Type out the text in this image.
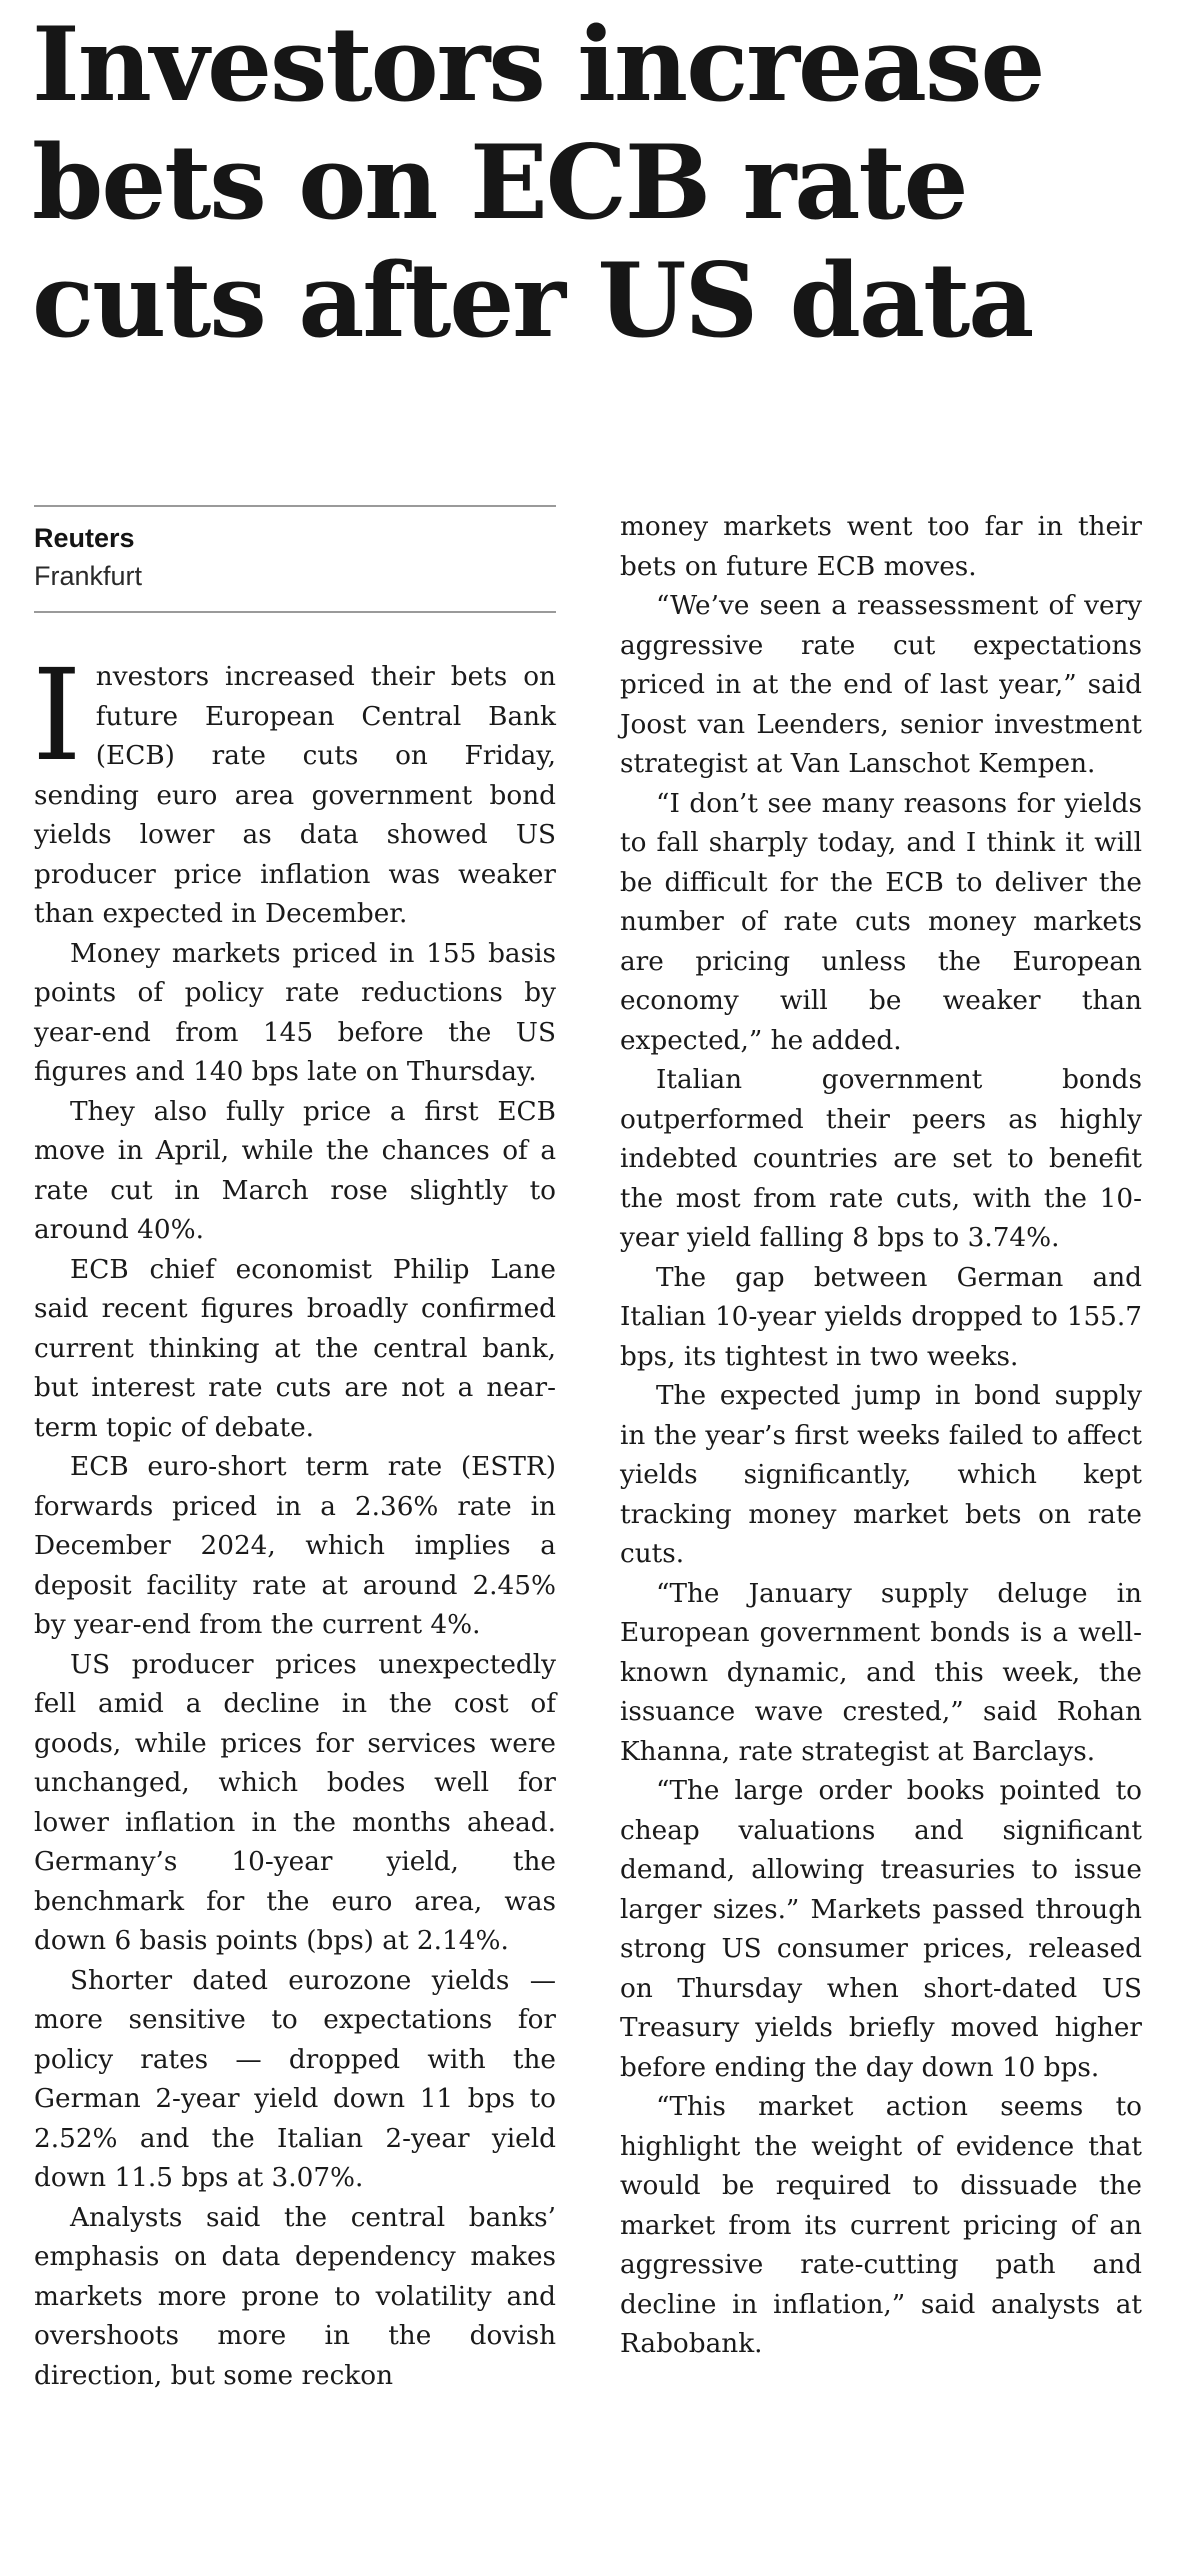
Investors increase
bets on ECB rate
cuts after US data
Reuters
Frankfurt

Investors increased their bets on future European Central Bank (ECB) rate cuts on Friday, sending euro area government bond yields lower as data showed US producer price inflation was weaker than expected in December.

Money markets priced in 155 basis points of policy rate reductions by year-end from 145 before the US figures and 140 bps late on Thursday.

They also fully price a first ECB move in April, while the chances of a rate cut in March rose slightly to around 40%.

ECB chief economist Philip Lane said recent figures broadly confirmed current thinking at the central bank, but interest rate cuts are not a near-term topic of debate.

ECB euro-short term rate (ESTR) forwards priced in a 2.36% rate in December 2024, which implies a deposit facility rate at around 2.45% by year-end from the current 4%.

US producer prices unexpectedly fell amid a decline in the cost of goods, while prices for services were unchanged, which bodes well for lower inflation in the months ahead. Germany’s 10-year yield, the benchmark for the euro area, was down 6 basis points (bps) at 2.14%.

Shorter dated eurozone yields — more sensitive to expectations for policy rates — dropped with the German 2-year yield down 11 bps to 2.52% and the Italian 2-year yield down 11.5 bps at 3.07%.

Analysts said the central banks’ emphasis on data dependency makes markets more prone to volatility and overshoots more in the dovish direction, but some reckon

money markets went too far in their bets on future ECB moves.

“We’ve seen a reassessment of very aggressive rate cut expectations priced in at the end of last year,” said Joost van Leenders, senior investment strategist at Van Lanschot Kempen.

“I don’t see many reasons for yields to fall sharply today, and I think it will be difficult for the ECB to deliver the number of rate cuts money markets are pricing unless the European economy will be weaker than expected,” he added.

Italian government bonds outperformed their peers as highly indebted countries are set to benefit the most from rate cuts, with the 10-year yield falling 8 bps to 3.74%.

The gap between German and Italian 10-year yields dropped to 155.7 bps, its tightest in two weeks.

The expected jump in bond supply in the year’s first weeks failed to affect yields significantly, which kept tracking money market bets on rate cuts.

“The January supply deluge in European government bonds is a well-known dynamic, and this week, the issuance wave crested,” said Rohan Khanna, rate strategist at Barclays.

“The large order books pointed to cheap valuations and significant demand, allowing treasuries to issue larger sizes.” Markets passed through strong US consumer prices, released on Thursday when short-dated US Treasury yields briefly moved higher before ending the day down 10 bps.

“This market action seems to highlight the weight of evidence that would be required to dissuade the market from its current pricing of an aggressive rate-cutting path and decline in inflation,” said analysts at Rabobank.
